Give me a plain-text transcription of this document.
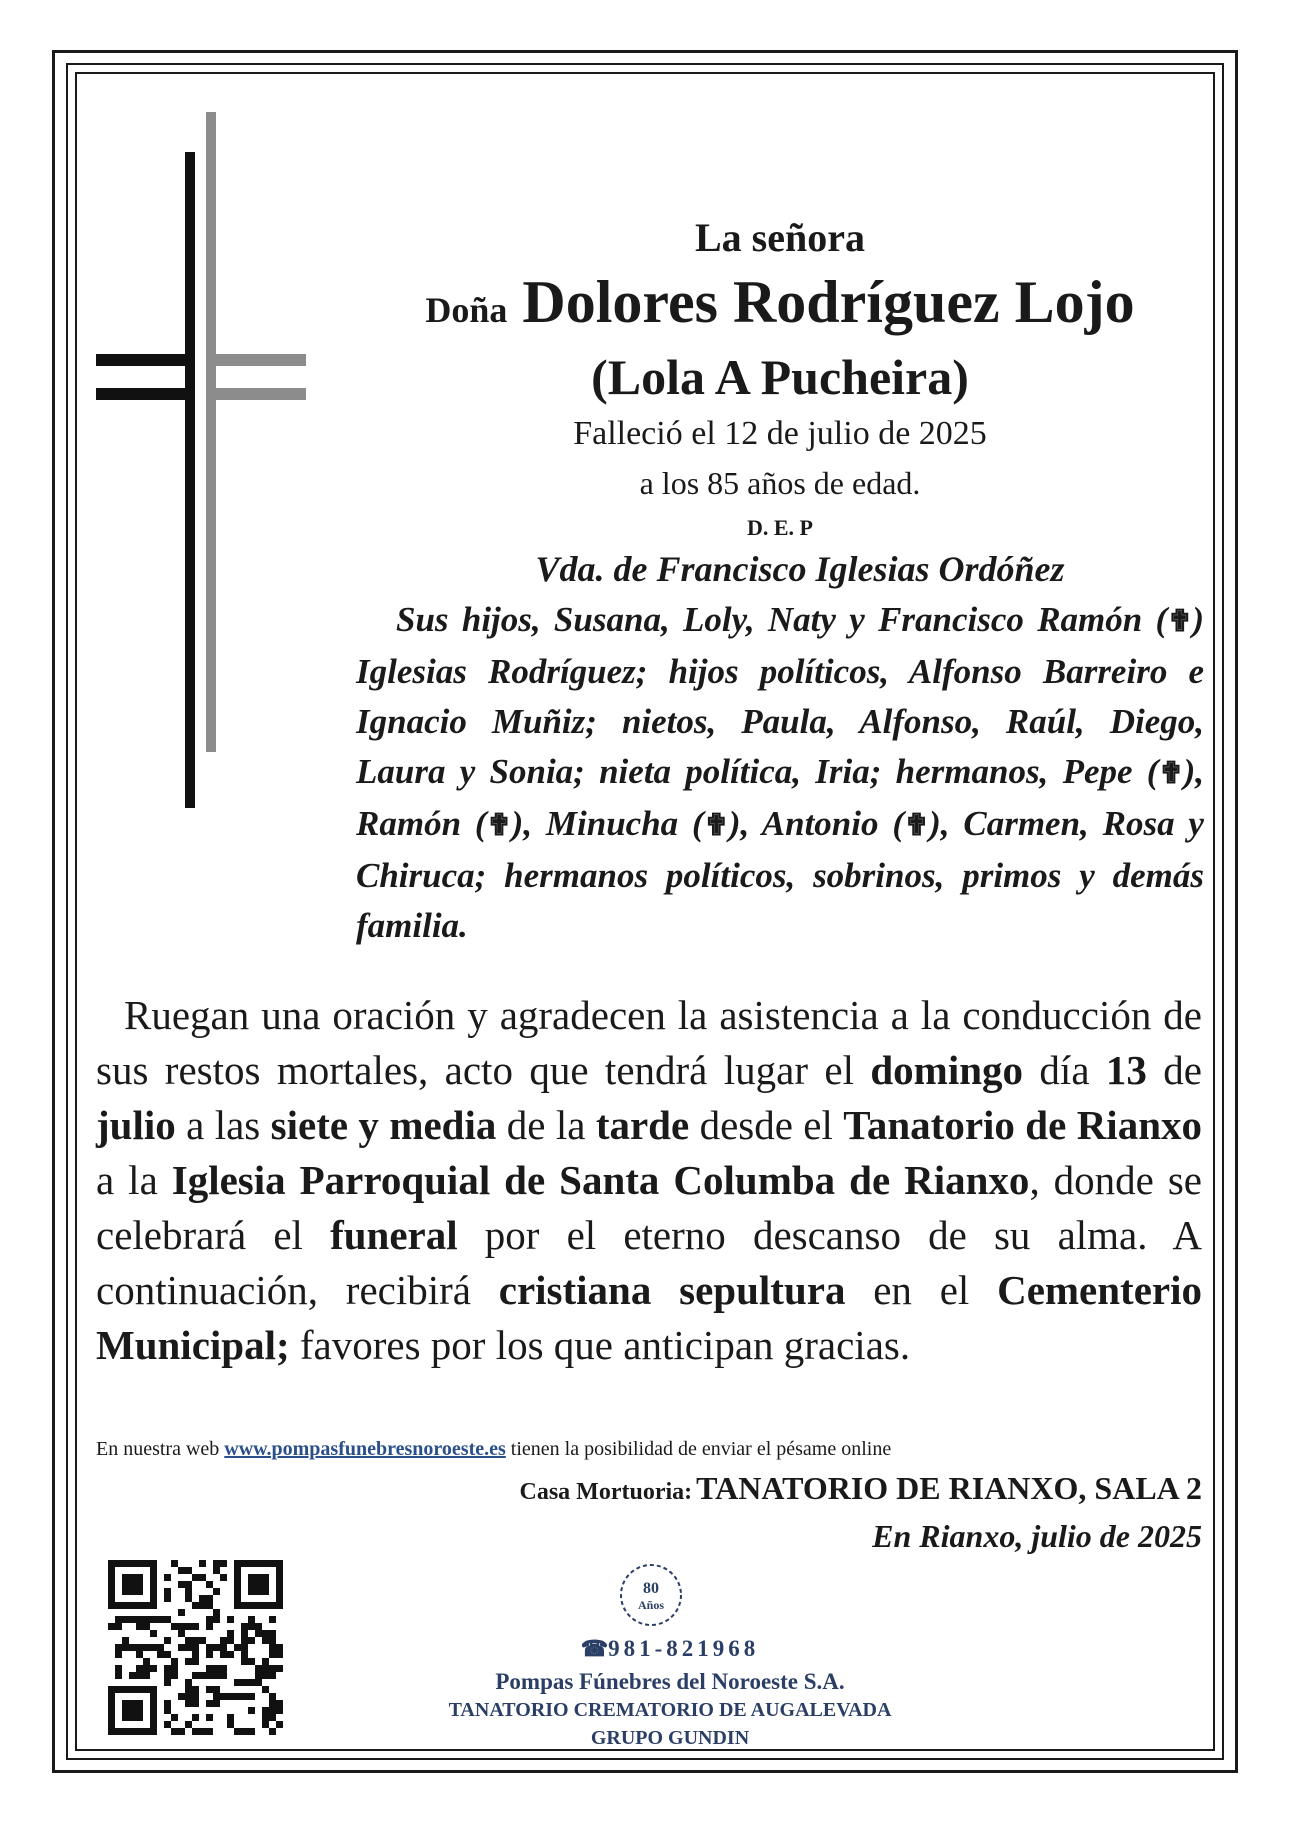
La señora
Doña Dolores Rodríguez Lojo
(Lola A Pucheira)
Falleció el 12 de julio de 2025
a los 85 años de edad.
D. E. P
Vda. de Francisco Iglesias Ordóñez
Sus hijos, Susana, Loly, Naty y Francisco Ramón (✟) Iglesias Rodríguez; hijos políticos, Alfonso Barreiro e Ignacio Muñiz; nietos, Paula, Alfonso, Raúl, Diego, Laura y Sonia; nieta política, Iria; hermanos, Pepe (✟), Ramón (✟), Minucha (✟), Antonio (✟), Carmen, Rosa y Chiruca; hermanos políticos, sobrinos, primos y demás familia.
Ruegan una oración y agradecen la asistencia a la conducción de sus restos mortales, acto que tendrá lugar el domingo día 13 de julio a las siete y media de la tarde desde el Tanatorio de Rianxo a la Iglesia Parroquial de Santa Columba de Rianxo, donde se celebrará el funeral por el eterno descanso de su alma. A continuación, recibirá cristiana sepultura en el Cementerio Municipal; favores por los que anticipan gracias.
En nuestra web www.pompasfunebresnoroeste.es tienen la posibilidad de enviar el pésame online
Casa Mortuoria: TANATORIO DE RIANXO, SALA 2
En Rianxo, julio de 2025
80
Años
☎981-821968
Pompas Fúnebres del Noroeste S.A.
TANATORIO CREMATORIO DE AUGALEVADA
GRUPO GUNDIN
